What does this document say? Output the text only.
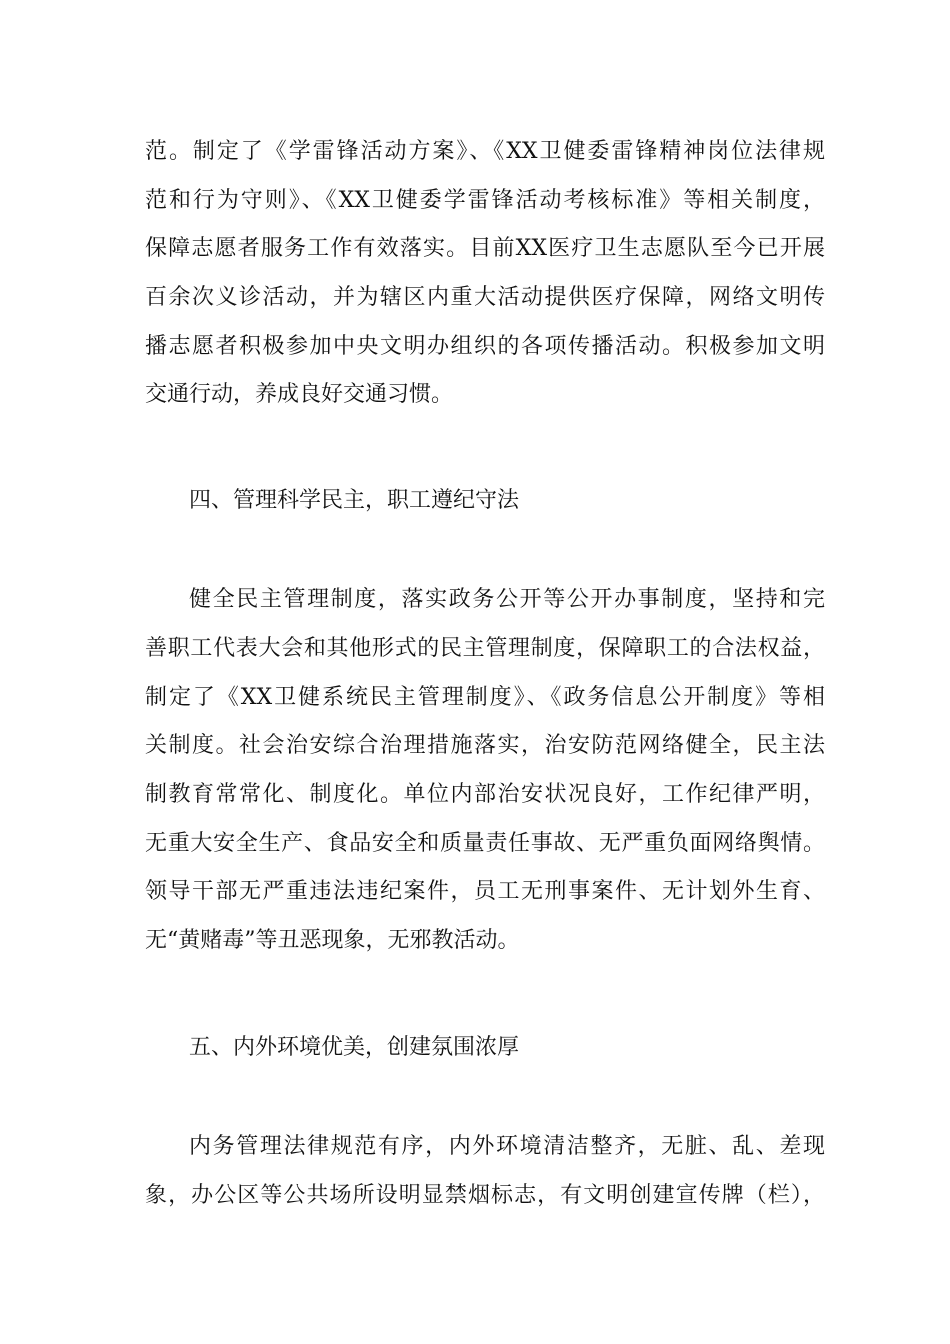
范。制定了《学雷锋活动方案》、《XX卫健委雷锋精神岗位法律规

范和行为守则》、《XX卫健委学雷锋活动考核标准》等相关制度，

保障志愿者服务工作有效落实。目前XX医疗卫生志愿队至今已开展

百余次义诊活动，并为辖区内重大活动提供医疗保障，网络文明传

播志愿者积极参加中央文明办组织的各项传播活动。积极参加文明

交通行动，养成良好交通习惯。

四、管理科学民主，职工遵纪守法

健全民主管理制度，落实政务公开等公开办事制度，坚持和完

善职工代表大会和其他形式的民主管理制度，保障职工的合法权益，

制定了《XX卫健系统民主管理制度》、《政务信息公开制度》等相

关制度。社会治安综合治理措施落实，治安防范网络健全，民主法

制教育常常化、制度化。单位内部治安状况良好，工作纪律严明，

无重大安全生产、食品安全和质量责任事故、无严重负面网络舆情。

领导干部无严重违法违纪案件，员工无刑事案件、无计划外生育、

无“黄赌毒”等丑恶现象，无邪教活动。

五、内外环境优美，创建氛围浓厚

内务管理法律规范有序，内外环境清洁整齐，无脏、乱、差现

象，办公区等公共场所设明显禁烟标志，有文明创建宣传牌（栏），
